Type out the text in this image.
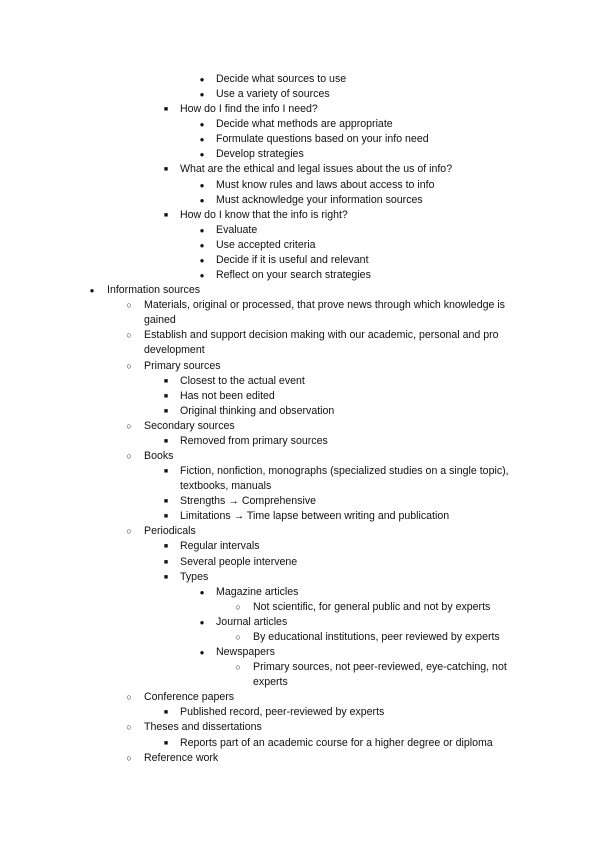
●	Decide what sources to use
●	Use a variety of sources
■	How do I find the info I need?
●	Decide what methods are appropriate
●	Formulate questions based on your info need
●	Develop strategies
■	What are the ethical and legal issues about the us of info?
●	Must know rules and laws about access to info
●	Must acknowledge your information sources
■	How do I know that the info is right?
●	Evaluate
●	Use accepted criteria
●	Decide if it is useful and relevant
●	Reflect on your search strategies
●	Information sources
○	Materials, original or processed, that prove news through which knowledge is
gained
○	Establish and support decision making with our academic, personal and pro
development
○	Primary sources
■	Closest to the actual event
■	Has not been edited
■	Original thinking and observation
○	Secondary sources
■	Removed from primary sources
○	Books
■	Fiction, nonfiction, monographs (specialized studies on a single topic),
textbooks, manuals
■	Strengths → Comprehensive
■	Limitations → Time lapse between writing and publication
○	Periodicals
■	Regular intervals
■	Several people intervene
■	Types
●	Magazine articles
○	Not scientific, for general public and not by experts
●	Journal articles
○	By educational institutions, peer reviewed by experts
●	Newspapers
○	Primary sources, not peer-reviewed, eye-catching, not
experts
○	Conference papers
■	Published record, peer-reviewed by experts
○	Theses and dissertations
■	Reports part of an academic course for a higher degree or diploma
○	Reference work
